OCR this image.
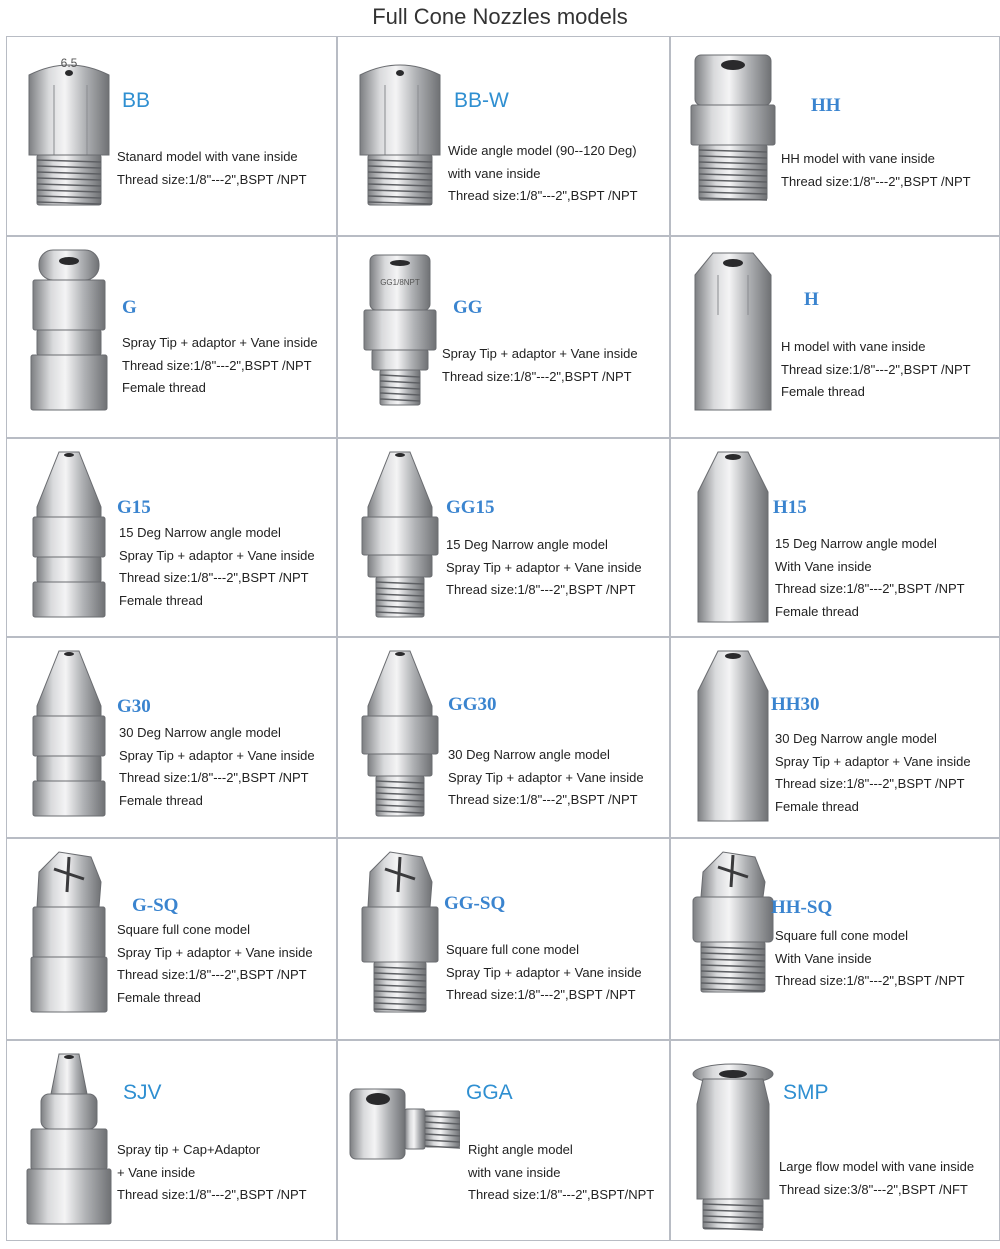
Full Cone Nozzles models
6.5
BB
Stanard model with vane inside
Thread size:1/8"---2",BSPT /NPT
BB-W
Wide angle model (90--120 Deg)
with vane inside
Thread size:1/8"---2",BSPT /NPT
HH
HH model with vane inside
Thread size:1/8"---2",BSPT /NPT
G
Spray Tip + adaptor + Vane inside
Thread size:1/8"---2",BSPT /NPT
Female thread
GG1/8NPT
GG
Spray Tip + adaptor + Vane inside
Thread size:1/8"---2",BSPT /NPT
H
H model with vane inside
Thread size:1/8"---2",BSPT /NPT
Female thread
G15
15 Deg Narrow angle model
Spray Tip + adaptor + Vane inside
Thread size:1/8"---2",BSPT /NPT
Female thread
GG15
15 Deg Narrow angle model
Spray Tip + adaptor + Vane inside
Thread size:1/8"---2",BSPT /NPT
H15
15 Deg Narrow angle model
With Vane inside
Thread size:1/8"---2",BSPT /NPT
Female thread
G30
30 Deg Narrow angle model
Spray Tip + adaptor + Vane inside
Thread size:1/8"---2",BSPT /NPT
Female thread
GG30
30 Deg Narrow angle model
Spray Tip + adaptor + Vane inside
Thread size:1/8"---2",BSPT /NPT
HH30
30 Deg Narrow angle model
Spray Tip + adaptor + Vane inside
Thread size:1/8"---2",BSPT /NPT
Female thread
G-SQ
Square full cone model
Spray Tip + adaptor + Vane inside
Thread size:1/8"---2",BSPT /NPT
Female thread
GG-SQ
Square full cone model
Spray Tip + adaptor + Vane inside
Thread size:1/8"---2",BSPT /NPT
HH-SQ
Square full cone model
With Vane inside
Thread size:1/8"---2",BSPT /NPT
SJV
Spray tip + Cap+Adaptor
+ Vane inside
Thread size:1/8"---2",BSPT /NPT
GGA
Right angle model
with vane inside
Thread size:1/8"---2",BSPT/NPT
SMP
Large flow model with vane inside
Thread size:3/8"---2",BSPT /NFT
